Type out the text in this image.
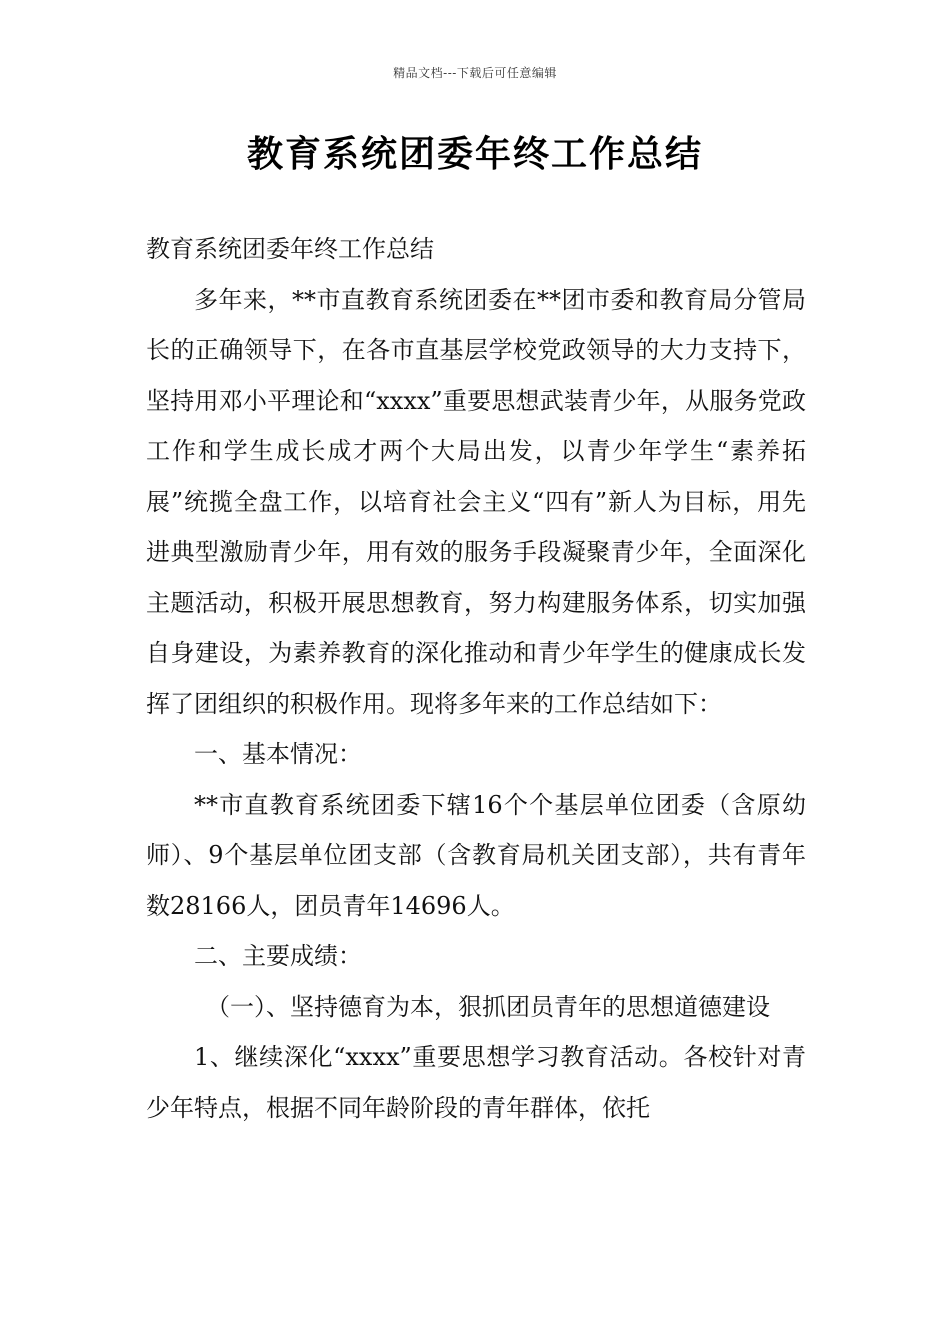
精品文档---下载后可任意编辑
教育系统团委年终工作总结

教育系统团委年终工作总结

多年来，**市直教育系统团委在**团市委和教育局分管局长的正确领导下，在各市直基层学校党政领导的大力支持下，坚持用邓小平理论和“xxxx”重要思想武装青少年，从服务党政工作和学生成长成才两个大局出发，以青少年学生“素养拓展”统揽全盘工作，以培育社会主义“四有”新人为目标，用先进典型激励青少年，用有效的服务手段凝聚青少年，全面深化主题活动，积极开展思想教育，努力构建服务体系，切实加强自身建设，为素养教育的深化推动和青少年学生的健康成长发挥了团组织的积极作用。现将多年来的工作总结如下：

一、基本情况：

**市直教育系统团委下辖16个个基层单位团委（含原幼师）、9个基层单位团支部（含教育局机关团支部），共有青年数28166人，团员青年14696人。

二、主要成绩：

（一）、坚持德育为本，狠抓团员青年的思想道德建设

1、继续深化“xxxx”重要思想学习教育活动。各校针对青少年特点，根据不同年龄阶段的青年群体，依托
